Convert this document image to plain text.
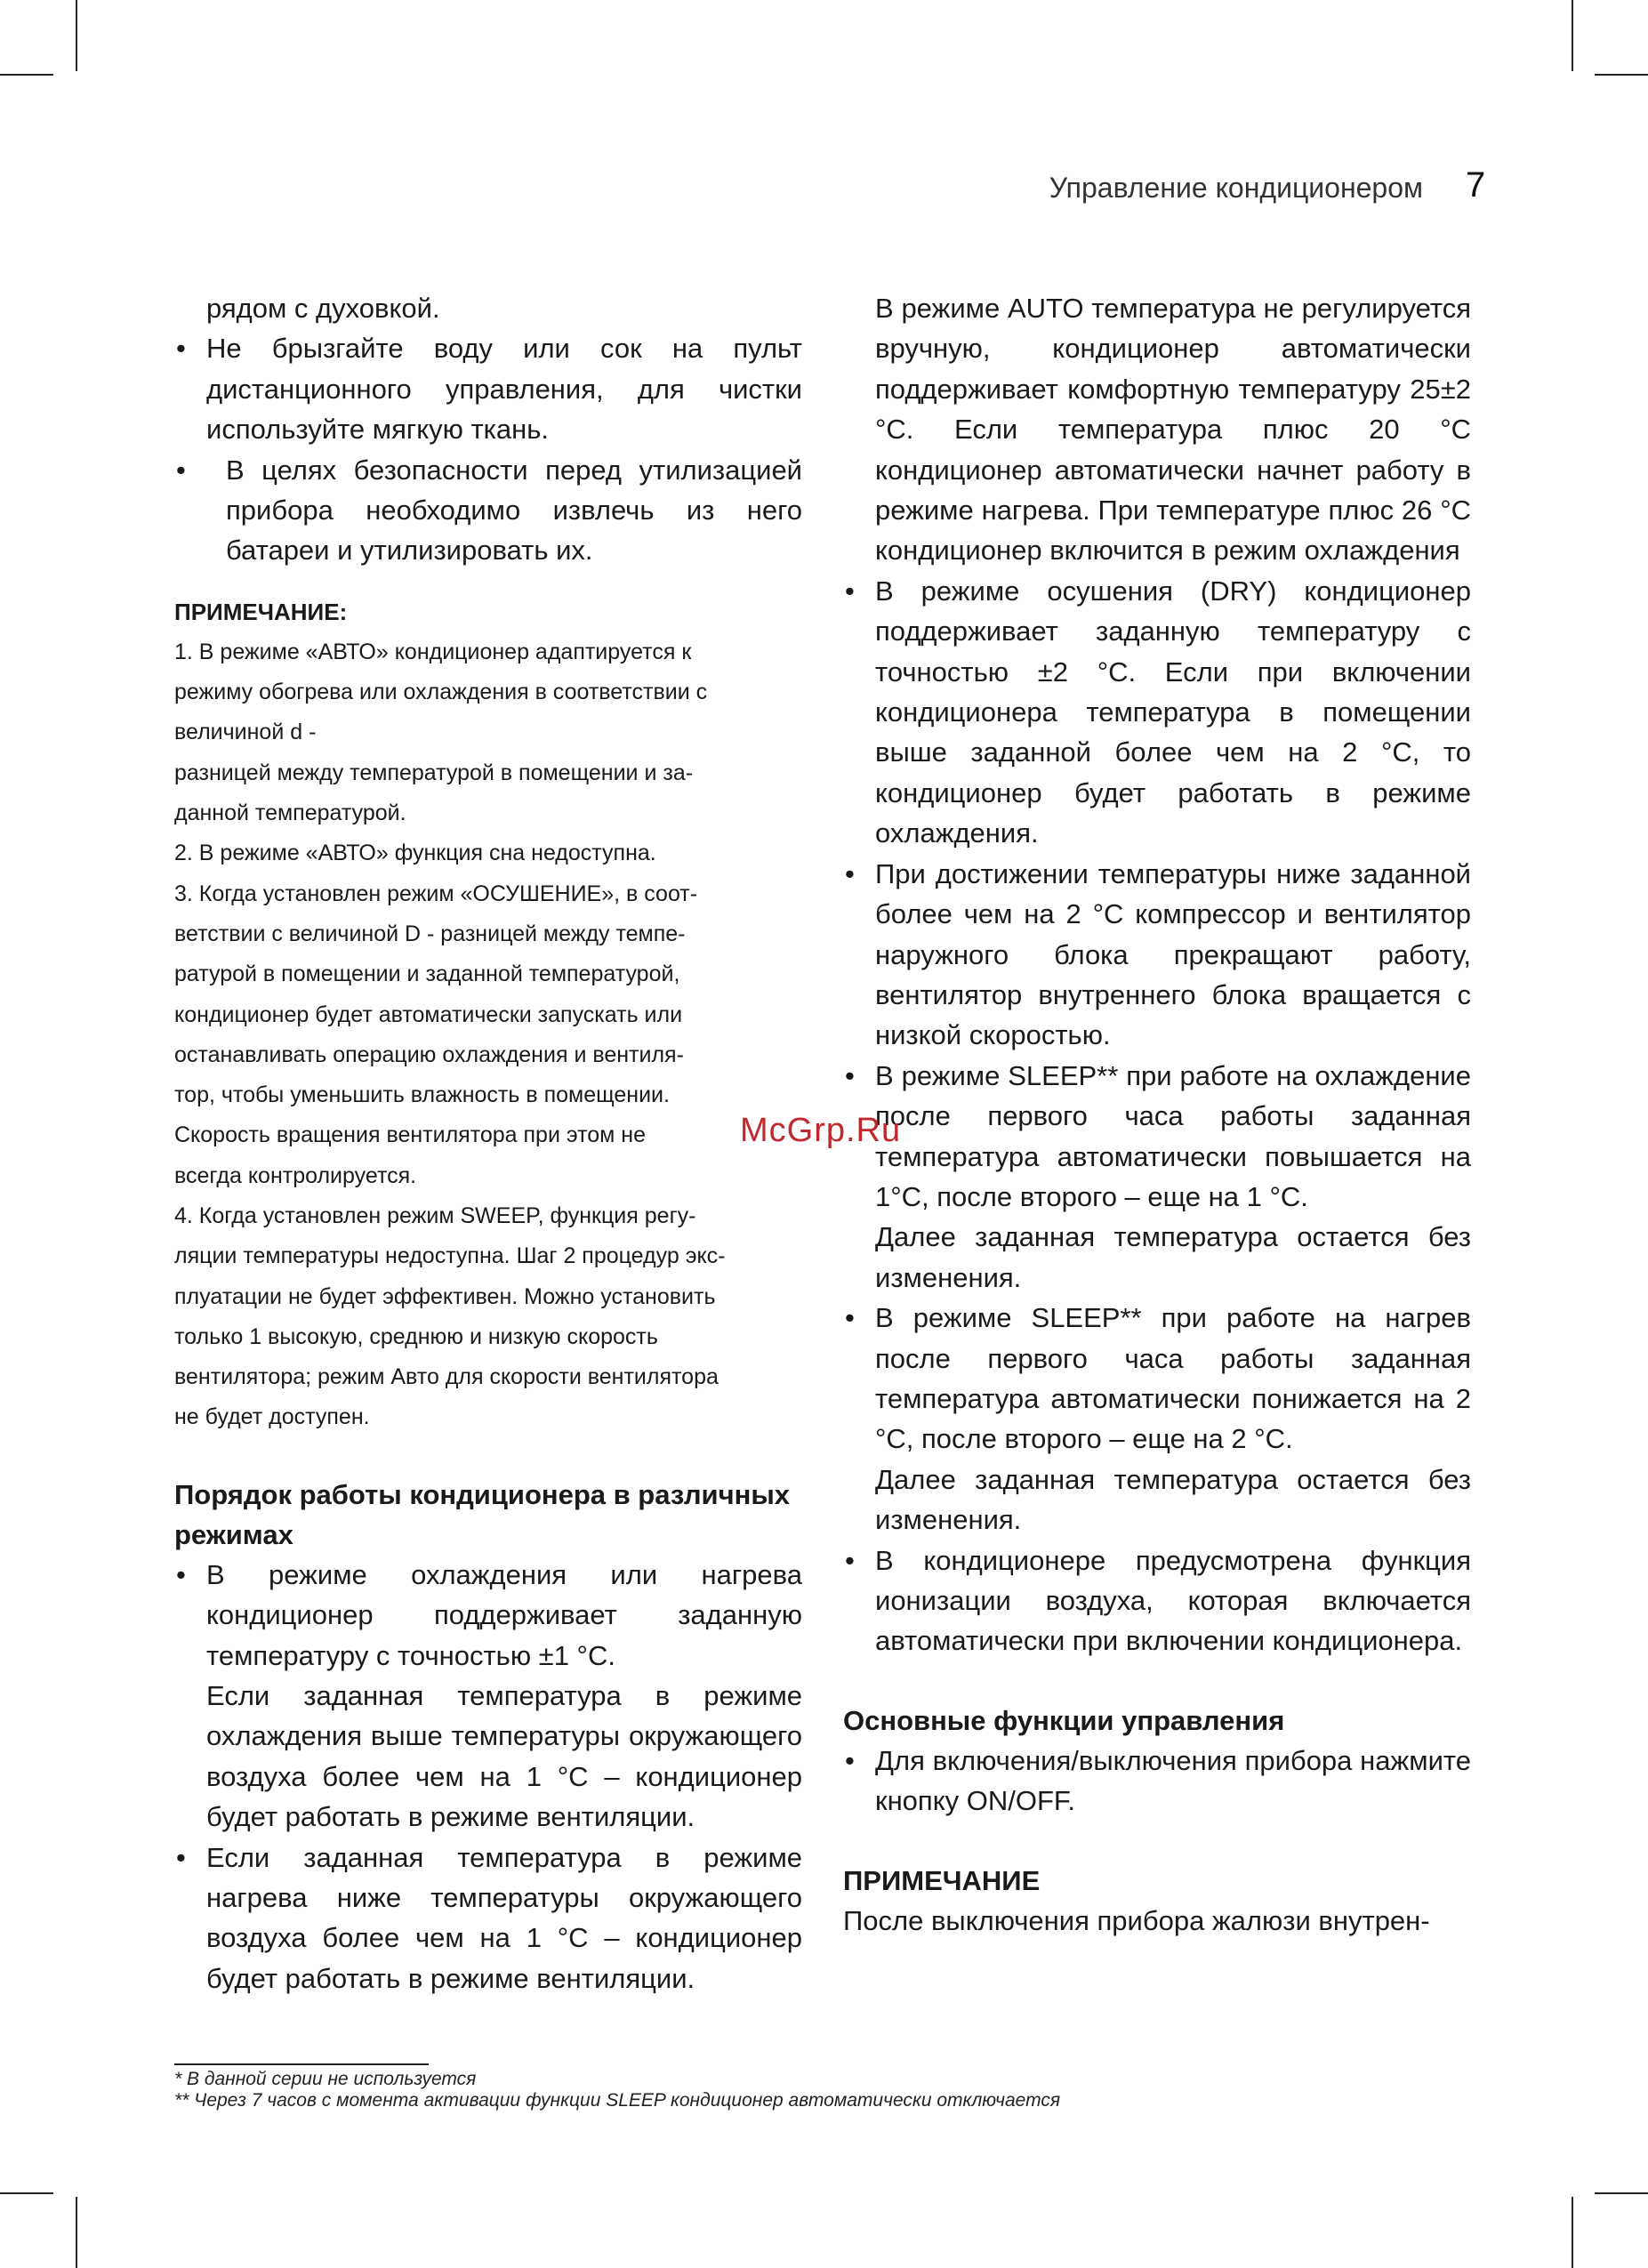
Управление кондиционером 7

рядом с духовкой.

• Не брызгайте воду или сок на пульт дистанционного управления, для чистки используйте мягкую ткань.

• В целях безопасности перед утилизацией прибора необходимо извлечь из него батареи и утилизировать их.

ПРИМЕЧАНИЕ:

1. В режиме «АВТО» кондиционер адаптируется к

режиму обогрева или охлаждения в соответствии с

величиной d -

разницей между температурой в помещении и за-

данной температурой.

2. В режиме «АВТО» функция сна недоступна.

3. Когда установлен режим «ОСУШЕНИЕ», в соот-

ветствии с величиной D - разницей между темпе-

ратурой в помещении и заданной температурой,

кондиционер будет автоматически запускать или

останавливать операцию охлаждения и вентиля-

тор, чтобы уменьшить влажность в помещении.

Скорость вращения вентилятора при этом не

всегда контролируется.

4. Когда установлен режим SWEEP, функция регу-

ляции температуры недоступна. Шаг 2 процедур экс-

плуатации не будет эффективен. Можно установить

только 1 высокую, среднюю и низкую скорость

вентилятора; режим Авто для скорости вентилятора

не будет доступен.

Порядок работы кондиционера в различных режимах

• В режиме охлаждения или нагрева кондиционер поддерживает заданную температуру с точностью ±1 °С.

Если заданная температура в режиме охлаждения выше температуры окружающего воздуха более чем на 1 °С – кондиционер будет работать в режиме вентиляции.

• Если заданная температура в режиме нагрева ниже температуры окружающего воздуха более чем на 1 °С – кондиционер будет работать в режиме вентиляции.

В режиме AUTO температура не регулируется вручную, кондиционер автоматически поддерживает комфортную температуру 25±2 °С. Если температура плюс 20 °С кондиционер автоматически начнет работу в режиме нагрева. При температуре плюс 26 °С кондиционер включится в режим охлаждения

• В режиме осушения (DRY) кондиционер поддерживает заданную температуру с точностью ±2 °С. Если при включении кондиционера температура в помещении выше заданной более чем на 2 °С, то кондиционер будет работать в режиме охлаждения.

• При достижении температуры ниже заданной более чем на 2 °С компрессор и вентилятор наружного блока прекращают работу, вентилятор внутреннего блока вращается с низкой скоростью.

• В режиме SLEEP** при работе на охлаждение после первого часа работы заданная температура автоматически повышается на 1°С, после второго – еще на 1 °С.

Далее заданная температура остается без изменения.

• В режиме SLEEP** при работе на нагрев после первого часа работы заданная температура автоматически понижается на 2 °С, после второго – еще на 2 °С.

Далее заданная температура остается без изменения.

• В кондиционере предусмотрена функция ионизации воздуха, которая включается автоматически при включении кондиционера.

Основные функции управления

• Для включения/выключения прибора нажмите кнопку ON/OFF.

ПРИМЕЧАНИЕ

После выключения прибора жалюзи внутрен-

McGrp.Ru
* В данной серии не используется
** Через 7 часов с момента активации функции SLEEP кондиционер автоматически отключается
